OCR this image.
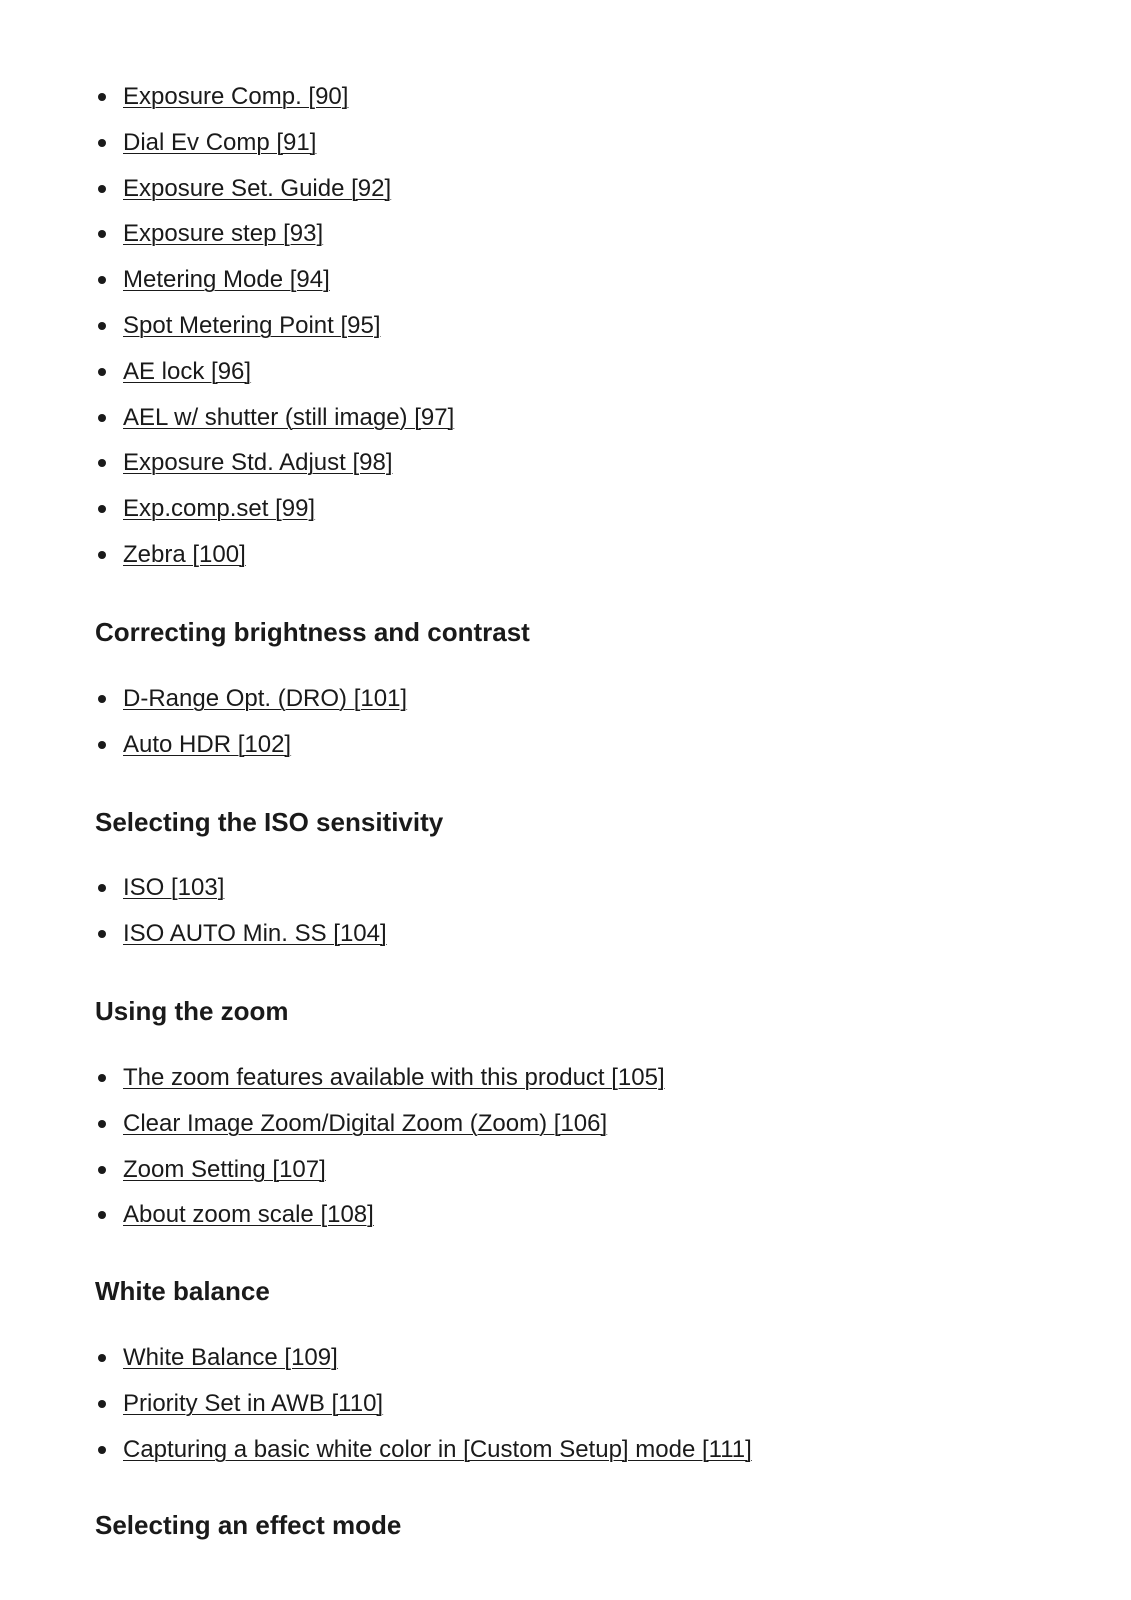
Exposure Comp. [90]
Dial Ev Comp [91]
Exposure Set. Guide [92]
Exposure step [93]
Metering Mode [94]
Spot Metering Point [95]
AE lock [96]
AEL w/ shutter (still image) [97]
Exposure Std. Adjust [98]
Exp.comp.set [99]
Zebra [100]
Correcting brightness and contrast
D-Range Opt. (DRO) [101]
Auto HDR [102]
Selecting the ISO sensitivity
ISO [103]
ISO AUTO Min. SS [104]
Using the zoom
The zoom features available with this product [105]
Clear Image Zoom/Digital Zoom (Zoom) [106]
Zoom Setting [107]
About zoom scale [108]
White balance
White Balance [109]
Priority Set in AWB [110]
Capturing a basic white color in [Custom Setup] mode [111]
Selecting an effect mode
